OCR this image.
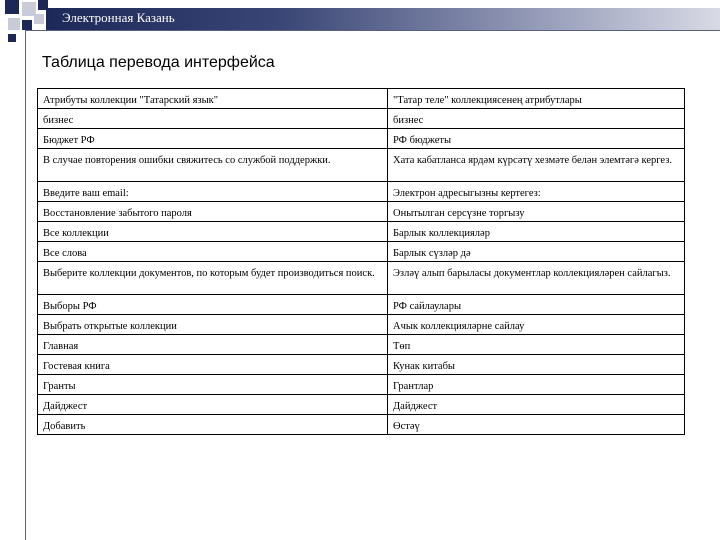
Электронная Казань
Таблица перевода интерфейса
Атрибуты коллекции "Татарский язык"	"Татар теле" коллекциясенең атрибутлары

бизнес	бизнес

Бюджет РФ	РФ бюджеты

В случае повторения ошибки свяжитесь со службой поддержки.	Хата кабатланса ярдәм күрсәтү хезмәте белән элемтәгә кергез.

Введите ваш email:	Электрон адресыгызны кертегез:

Восстановление забытого пароля	Онытылган серсүзне торгызу

Все коллекции	Барлык коллекцияләр

Все слова	Барлык сүзләр дә

Выберите коллекции документов, по которым будет производиться поиск.	Эзләү алып барыласы документлар коллекцияләрен сайлагыз.

Выборы РФ	РФ сайлаулары

Выбрать открытые коллекции	Ачык коллекцияләрне сайлау

Главная	Төп

Гостевая книга	Кунак китабы

Гранты	Грантлар

Дайджест	Дайджест

Добавить	Өстәү
